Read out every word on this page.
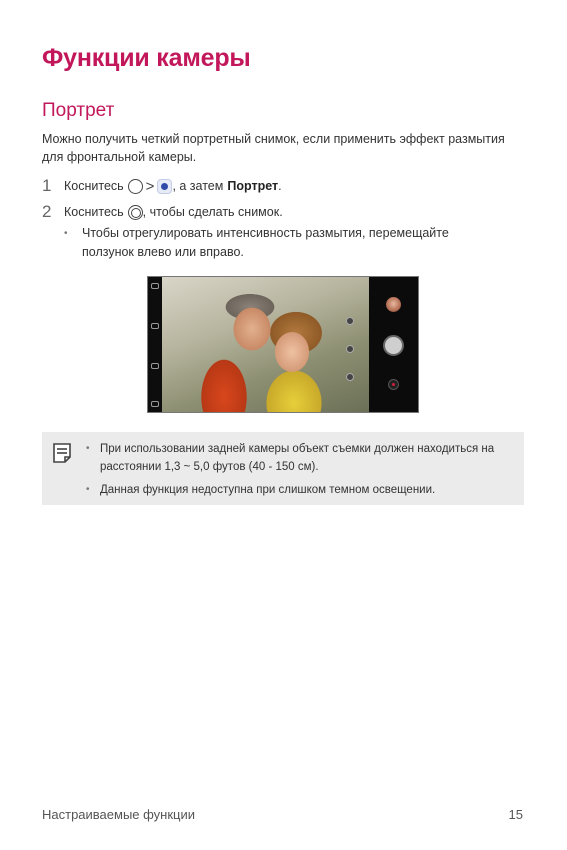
Функции камеры
Портрет
Можно получить четкий портретный снимок, если применить эффект размытия для фронтальной камеры.
1	Коснитесь > , а затем Портрет .
2	Коснитесь , чтобы сделать снимок.
• Чтобы отрегулировать интенсивность размытия, перемещайте ползунок влево или вправо.
• При использовании задней камеры объект съемки должен находиться на расстоянии 1,3 ~ 5,0 футов (40 - 150 см).
• Данная функция недоступна при слишком темном освещении.
Настраиваемые функции	15
